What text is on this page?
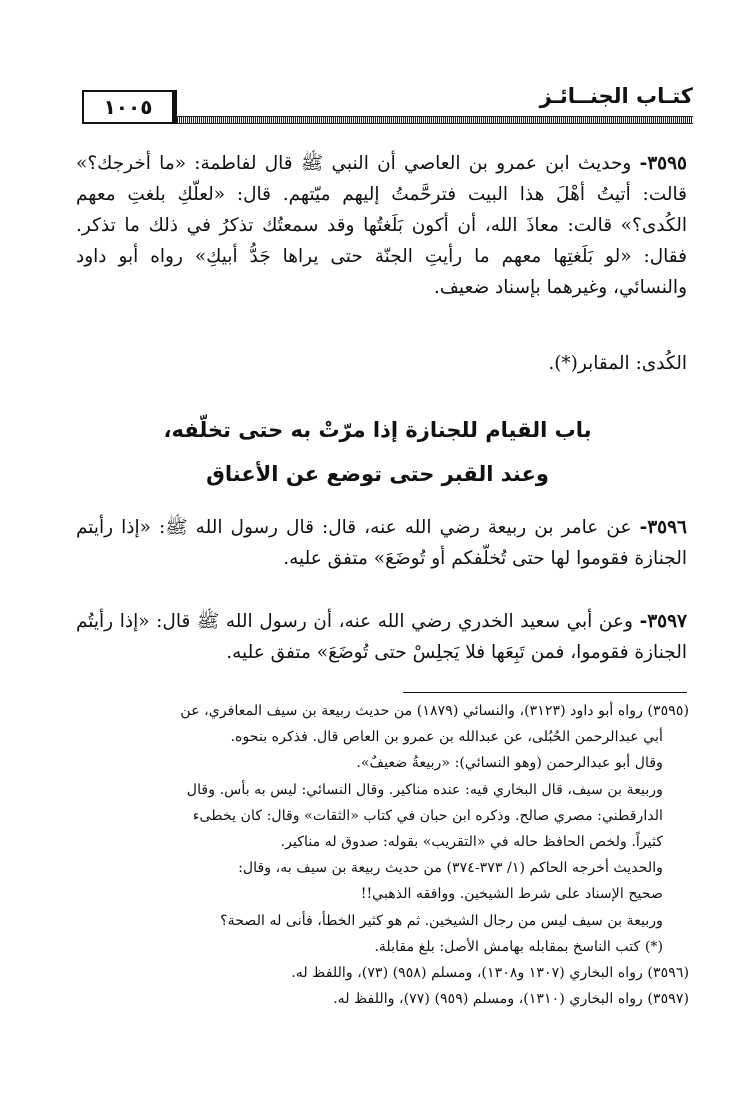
كتـاب الجنــائـز
١٠٠٥

٣٥٩٥- وحديث ابن عمرو بن العاصي أن النبي ﷺ قال لفاطمة: «ما أخرجك؟» قالت: أتيتُ أهْلَ هذا البيت فترحَّمتُ إليهم ميّتهم. قال: «لعلّكِ بلغتِ معهم الكُدى؟» قالت: معاذَ الله، أن أكون بَلَغتُها وقد سمعتُك تذكرُ في ذلك ما تذكر. فقال: «لو بَلَغتِها معهم ما رأيتِ الجنّة حتى يراها جَدُّ أبيكِ» رواه أبو داود والنسائي، وغيرهما بإسناد ضعيف.

الكُدى: المقابر(*).

باب القيام للجنازة إذا مرّتْ به حتى تخلّفه،
وعند القبر حتى توضع عن الأعناق

٣٥٩٦- عن عامر بن ربيعة رضي الله عنه، قال: قال رسول الله ﷺ: «إذا رأيتم الجنازة فقوموا لها حتى تُخلّفكم أو تُوضَعَ» متفق عليه.

٣٥٩٧- وعن أبي سعيد الخدري رضي الله عنه، أن رسول الله ﷺ قال: «إذا رأيتُم الجنازة فقوموا، فمن تَبِعَها فلا يَجلِسْ حتى تُوضَعَ» متفق عليه.

(٣٥٩٥) رواه أبو داود (٣١٢٣)، والنسائي (١٨٧٩) من حديث ربيعة بن سيف المعافري، عن
أبي عبدالرحمن الحُبُلى، عن عبدالله بن عمرو بن العاص قال. فذكره بنحوه.
وقال أبو عبدالرحمن (وهو النسائي): «ربيعةُ ضعيفٌ».
وربيعة بن سيف، قال البخاري فيه: عنده مناكير. وقال النسائي: ليس به بأس. وقال
الدارقطني: مصري صالح. وذكره ابن حبان في كتاب «الثقات» وقال: كان يخطىء
كثيراً. ولخص الحافظ حاله في «التقريب» بقوله: صدوق له مناكير.
والحديث أخرجه الحاكم (١/ ٣٧٣-٣٧٤) من حديث ربيعة بن سيف به، وقال:
صحيح الإسناد على شرط الشيخين. ووافقه الذهبي!!
وربيعة بن سيف ليس من رجال الشيخين. ثم هو كثير الخطأ، فأنى له الصحة؟
(*) كتب الناسخ بمقابله بهامش الأصل: بلغ مقابلة.
(٣٥٩٦) رواه البخاري (١٣٠٧ و١٣٠٨)، ومسلم (٩٥٨) (٧٣)، واللفظ له.
(٣٥٩٧) رواه البخاري (١٣١٠)، ومسلم (٩٥٩) (٧٧)، واللفظ له.
